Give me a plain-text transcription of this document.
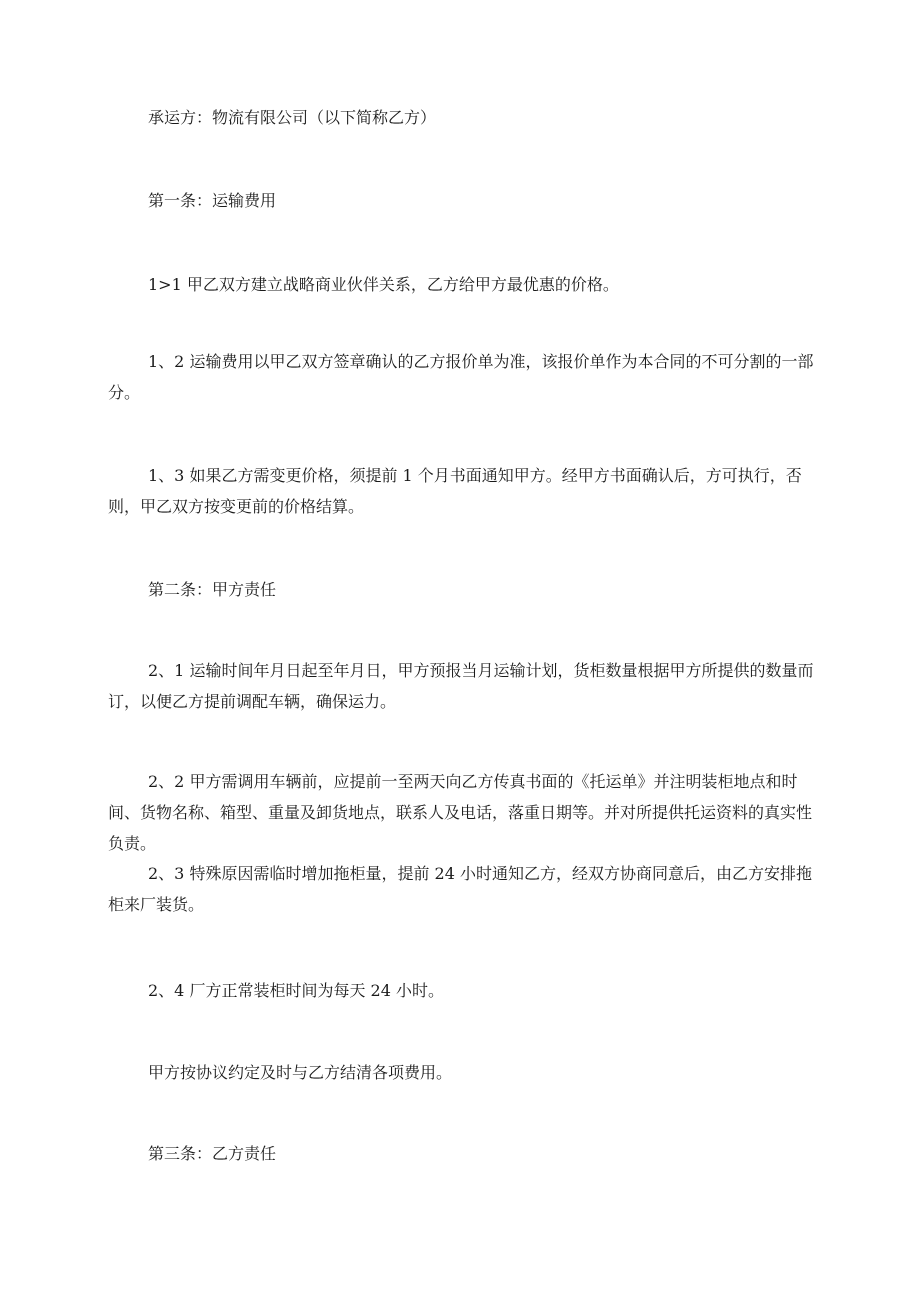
承运方：物流有限公司（以下简称乙方）

第一条：运输费用

1>1 甲乙双方建立战略商业伙伴关系，乙方给甲方最优惠的价格。

1、2 运输费用以甲乙双方签章确认的乙方报价单为准，该报价单作为本合同的不可分割的一部分。

1、3 如果乙方需变更价格，须提前 1 个月书面通知甲方。经甲方书面确认后，方可执行，否则，甲乙双方按变更前的价格结算。

第二条：甲方责任

2、1 运输时间年月日起至年月日，甲方预报当月运输计划，货柜数量根据甲方所提供的数量而订，以便乙方提前调配车辆，确保运力。

2、2 甲方需调用车辆前，应提前一至两天向乙方传真书面的《托运单》并注明装柜地点和时间、货物名称、箱型、重量及卸货地点，联系人及电话，落重日期等。并对所提供托运资料的真实性负责。

2、3 特殊原因需临时增加拖柜量，提前 24 小时通知乙方，经双方协商同意后，由乙方安排拖柜来厂装货。

2、4 厂方正常装柜时间为每天 24 小时。

甲方按协议约定及时与乙方结清各项费用。

第三条：乙方责任
